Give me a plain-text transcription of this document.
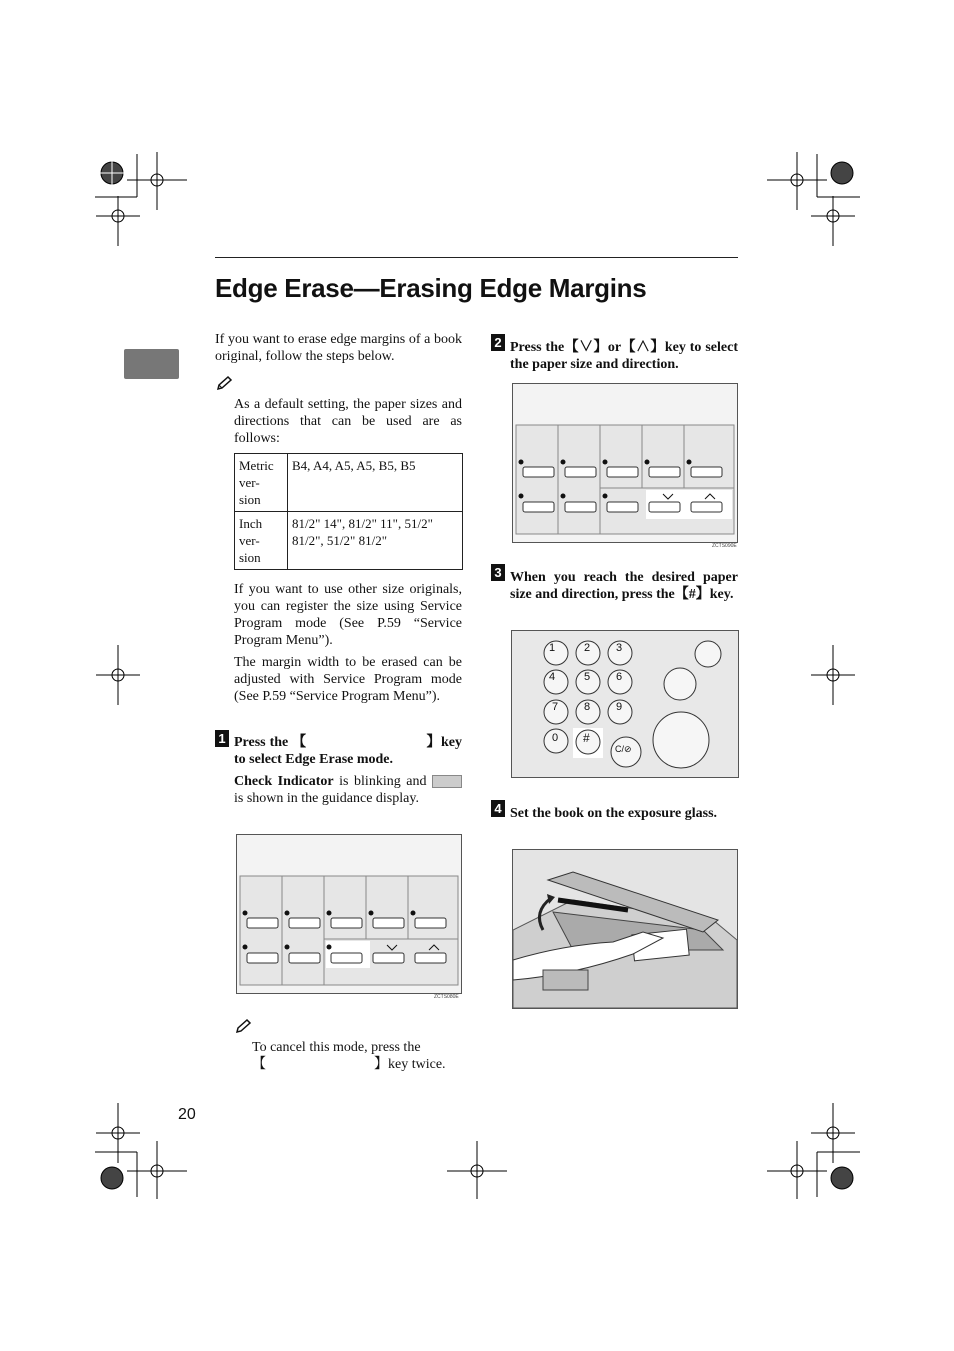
Edge Erase—Erasing Edge Margins
If you want to erase edge margins of a book original, follow the steps below.
As a default setting, the paper sizes and directions that can be used are as follows:
Metric ver- sion	B4, A4, A5, A5, B5, B5
Inch ver- sion	81/2" 14", 81/2" 11", 51/2" 81/2", 51/2" 81/2"
If you want to use other size originals, you can register the size using Service Program mode (See P.59 “Service Program Menu”).
The margin width to be erased can be adjusted with Service Program mode (See P.59 “Service Program Menu”).
1 Press the 【	】key to select Edge Erase mode.
Check Indicator is blinking and  is shown in the guidance display.
ZCTS080E
To cancel this mode, press the
【	】key twice.
2 Press the【∨】or【∧】key to select the paper size and direction.
ZCTS090E
3 When you reach the desired paper size and direction, press the【#】key.
1	2 3
4	5 6
7 8 9
0 #
C/⊘
4 Set the book on the exposure glass.
20
